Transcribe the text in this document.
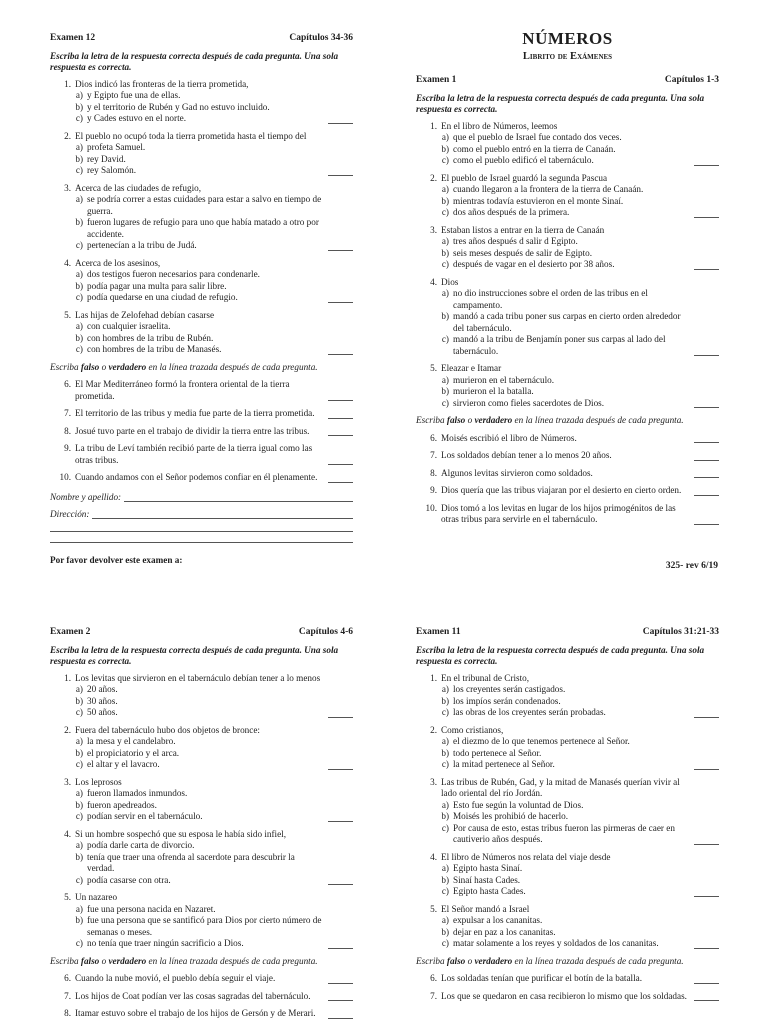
Examen 12	Capítulos 34-36
Escriba la letra de la respuesta correcta después de cada pregunta. Una sola respuesta es correcta.
1. Dios indicó las fronteras de la tierra prometida,
a) y Egipto fue una de ellas.
b) y el territorio de Rubén y Gad no estuvo incluido.
c) y Cades estuvo en el norte.
2. El pueblo no ocupó toda la tierra prometida hasta el tiempo del
a) profeta Samuel.
b) rey David.
c) rey Salomón.
3. Acerca de las ciudades de refugio,
a) se podría correr a estas cuidades para estar a salvo en tiempo de guerra.
b) fueron lugares de refugio para uno que había matado a otro por accidente.
c) pertenecían a la tribu de Judá.
4. Acerca de los asesinos,
a) dos testigos fueron necesarios para condenarle.
b) podía pagar una multa para salir libre.
c) podía quedarse en una ciudad de refugio.
5. Las hijas de Zelofehad debían casarse
a) con cualquier israelita.
b) con hombres de la tribu de Rubén.
c) con hombres de la tribu de Manasés.
Escriba falso o verdadero en la línea trazada después de cada pregunta.
6. El Mar Mediterráneo formó la frontera oriental de la tierra prometida.
7. El territorio de las tribus y media fue parte de la tierra prometida.
8. Josué tuvo parte en el trabajo de dividir la tierra entre las tribus.
9. La tribu de Leví también recibió parte de la tierra igual como las otras tribus.
10. Cuando andamos con el Señor podemos confiar en él plenamente.
Nombre y apellido:
Dirección:
Por favor devolver este examen a:
NÚMEROS
Librito de Exámenes
Examen 1	Capítulos 1-3
Escriba la letra de la respuesta correcta después de cada pregunta. Una sola respuesta es correcta.
1. En el libro de Números, leemos
a) que el pueblo de Israel fue contado dos veces.
b) como el pueblo entró en la tierra de Canaán.
c) como el pueblo edificó el tabernáculo.
2. El pueblo de Israel guardó la segunda Pascua
a) cuando llegaron a la frontera de la tierra de Canaán.
b) mientras todavía estuvieron en el monte Sinaí.
c) dos años después de la primera.
3. Estaban listos a entrar en la tierra de Canaán
a) tres años después d salir d Egipto.
b) seis meses después de salir de Egipto.
c) después de vagar en el desierto por 38 años.
4. Dios
a) no dio instrucciones sobre el orden de las tribus en el campamento.
b) mandó a cada tribu poner sus carpas en cierto orden alrededor del tabernáculo.
c) mandó a la tribu de Benjamín poner sus carpas al lado del tabernáculo.
5. Eleazar e Itamar
a) murieron en el tabernáculo.
b) murieron el la batalla.
c) sirvieron como fieles sacerdotes de Dios.
Escriba falso o verdadero en la línea trazada después de cada pregunta.
6. Moisés escribió el libro de Números.
7. Los soldados debían tener a lo menos 20 años.
8. Algunos levitas sirvieron como soldados.
9. Dios quería que las tribus viajaran por el desierto en cierto orden.
10. Dios tomó a los levitas en lugar de los hijos primogénitos de las otras tribus para servirle en el tabernáculo.
325- rev 6/19
Examen 2	Capítulos 4-6
Escriba la letra de la respuesta correcta después de cada pregunta. Una sola respuesta es correcta.
1. Los levitas que sirvieron en el tabernáculo debían tener a lo menos
a) 20 años.
b) 30 años.
c) 50 años.
2. Fuera del tabernáculo hubo dos objetos de bronce:
a) la mesa y el candelabro.
b) el propiciatorio y el arca.
c) el altar y el lavacro.
3. Los leprosos
a) fueron llamados inmundos.
b) fueron apedreados.
c) podían servir en el tabernáculo.
4. Si un hombre sospechó que su esposa le había sido infiel,
a) podía darle carta de divorcio.
b) tenía que traer una ofrenda al sacerdote para descubrir la verdad.
c) podía casarse con otra.
5. Un nazareo
a) fue una persona nacida en Nazaret.
b) fue una persona que se santificó para Dios por cierto número de semanas o meses.
c) no tenía que traer ningún sacrificio a Dios.
Escriba falso o verdadero en la línea trazada después de cada pregunta.
6. Cuando la nube movió, el pueblo debía seguir el viaje.
7. Los hijos de Coat podían ver las cosas sagradas del tabernáculo.
8. Itamar estuvo sobre el trabajo de los hijos de Gersón y de Merari.
Examen 11	Capítulos 31:21-33
Escriba la letra de la respuesta correcta después de cada pregunta. Una sola respuesta es correcta.
1. En el tribunal de Cristo,
a) los creyentes serán castigados.
b) los impíos serán condenados.
c) las obras de los creyentes serán probadas.
2. Como cristianos,
a) el diezmo de lo que tenemos pertenece al Señor.
b) todo pertenece al Señor.
c) la mitad pertenece al Señor.
3. Las tribus de Rubén, Gad, y la mitad de Manasés querían vivir al lado oriental del río Jordán.
a) Esto fue según la voluntad de Dios.
b) Moisés les prohibió de hacerlo.
c) Por causa de esto, estas tribus fueron las pirmeras de caer en cautiverio años después.
4. El libro de Números nos relata del viaje desde
a) Egipto hasta Sinaí.
b) Sinaí hasta Cades.
c) Egipto hasta Cades.
5. El Señor mandó a Israel
a) expulsar a los cananitas.
b) dejar en paz a los cananitas.
c) matar solamente a los reyes y soldados de los cananitas.
Escriba falso o verdadero en la línea trazada después de cada pregunta.
6. Los soldadas tenían que purificar el botín de la batalla.
7. Los que se quedaron en casa recibieron lo mismo que los soldadas.
